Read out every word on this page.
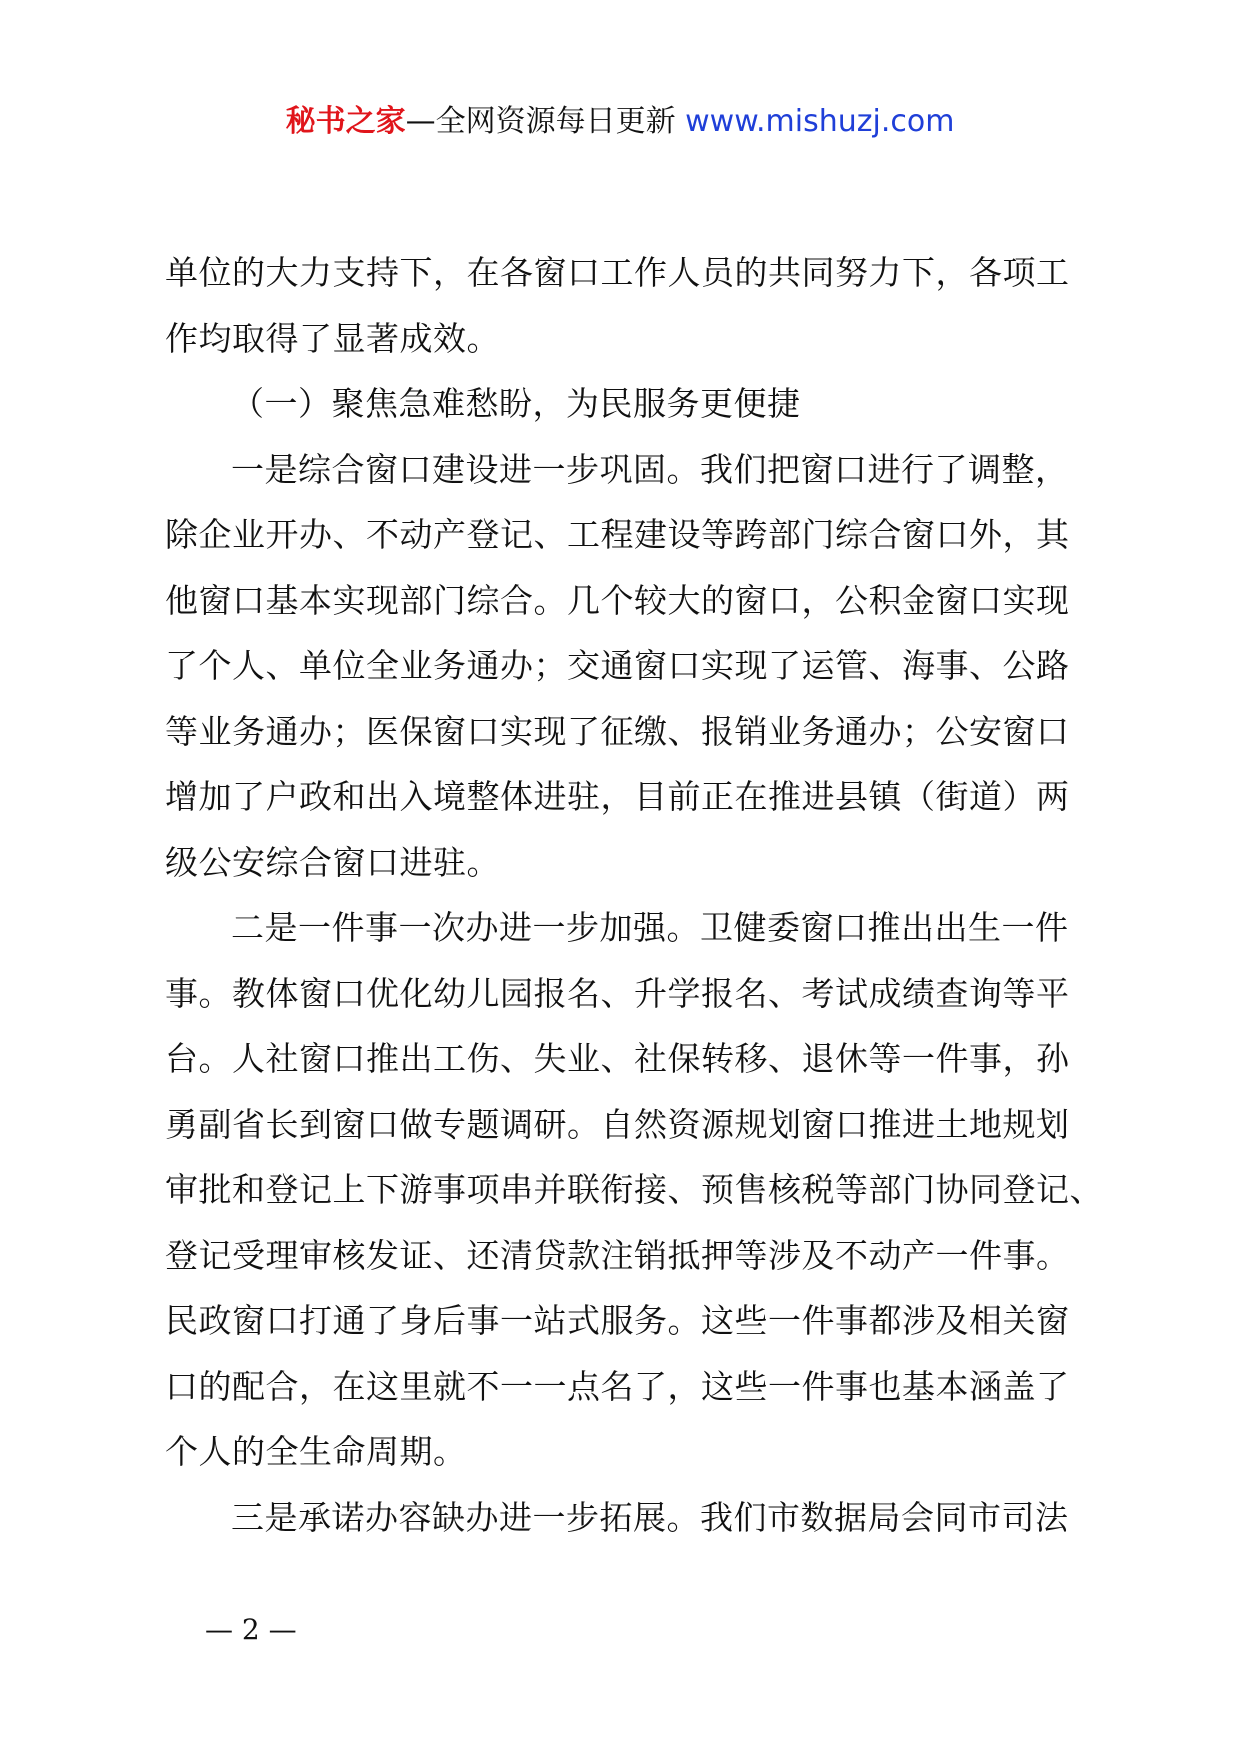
秘书之家—全网资源每日更新 www.mishuzj.com
单位的大力支持下，在各窗口工作人员的共同努力下，各项工
作均取得了显著成效。
（一）聚焦急难愁盼，为民服务更便捷
一是综合窗口建设进一步巩固。我们把窗口进行了调整，
除企业开办、不动产登记、工程建设等跨部门综合窗口外，其
他窗口基本实现部门综合。几个较大的窗口，公积金窗口实现
了个人、单位全业务通办；交通窗口实现了运管、海事、公路
等业务通办；医保窗口实现了征缴、报销业务通办；公安窗口
增加了户政和出入境整体进驻，目前正在推进县镇（街道）两
级公安综合窗口进驻。
二是一件事一次办进一步加强。卫健委窗口推出出生一件
事。教体窗口优化幼儿园报名、升学报名、考试成绩查询等平
台。人社窗口推出工伤、失业、社保转移、退休等一件事，孙
勇副省长到窗口做专题调研。自然资源规划窗口推进土地规划
审批和登记上下游事项串并联衔接、预售核税等部门协同登记、
登记受理审核发证、还清贷款注销抵押等涉及不动产一件事。
民政窗口打通了身后事一站式服务。这些一件事都涉及相关窗
口的配合，在这里就不一一点名了，这些一件事也基本涵盖了
个人的全生命周期。
三是承诺办容缺办进一步拓展。我们市数据局会同市司法
— 2 —
